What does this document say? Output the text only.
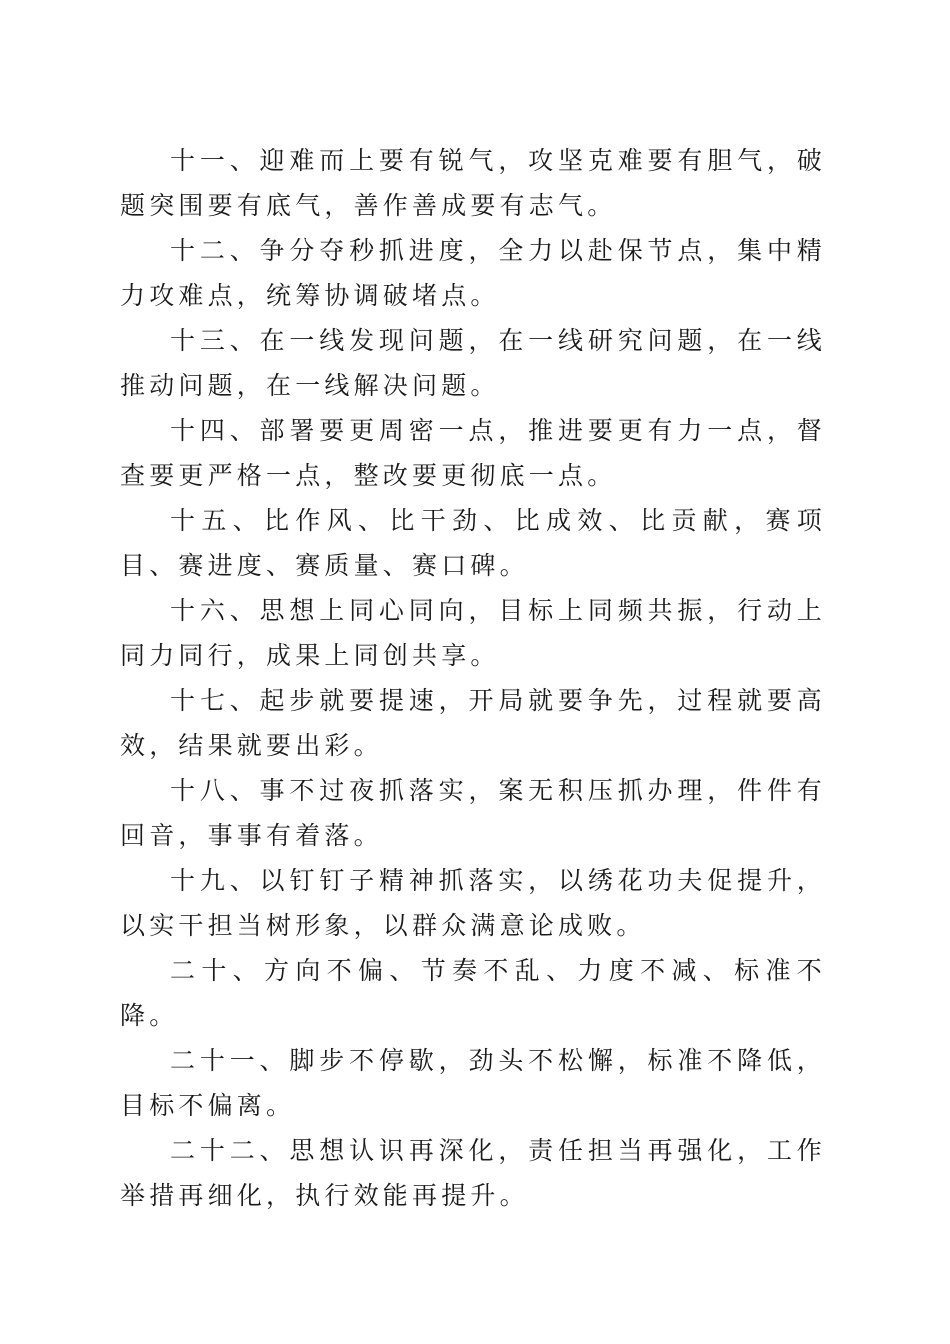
十一、迎难而上要有锐气，攻坚克难要有胆气，破题突围要有底气，善作善成要有志气。

十二、争分夺秒抓进度，全力以赴保节点，集中精力攻难点，统筹协调破堵点。

十三、在一线发现问题，在一线研究问题，在一线推动问题，在一线解决问题。

十四、部署要更周密一点，推进要更有力一点，督查要更严格一点，整改要更彻底一点。

十五、比作风、比干劲、比成效、比贡献，赛项目、赛进度、赛质量、赛口碑。

十六、思想上同心同向，目标上同频共振，行动上同力同行，成果上同创共享。

十七、起步就要提速，开局就要争先，过程就要高效，结果就要出彩。

十八、事不过夜抓落实，案无积压抓办理，件件有回音，事事有着落。

十九、以钉钉子精神抓落实，以绣花功夫促提升，以实干担当树形象，以群众满意论成败。

二十、方向不偏、节奏不乱、力度不减、标准不降。

二十一、脚步不停歇，劲头不松懈，标准不降低，目标不偏离。

二十二、思想认识再深化，责任担当再强化，工作举措再细化，执行效能再提升。
